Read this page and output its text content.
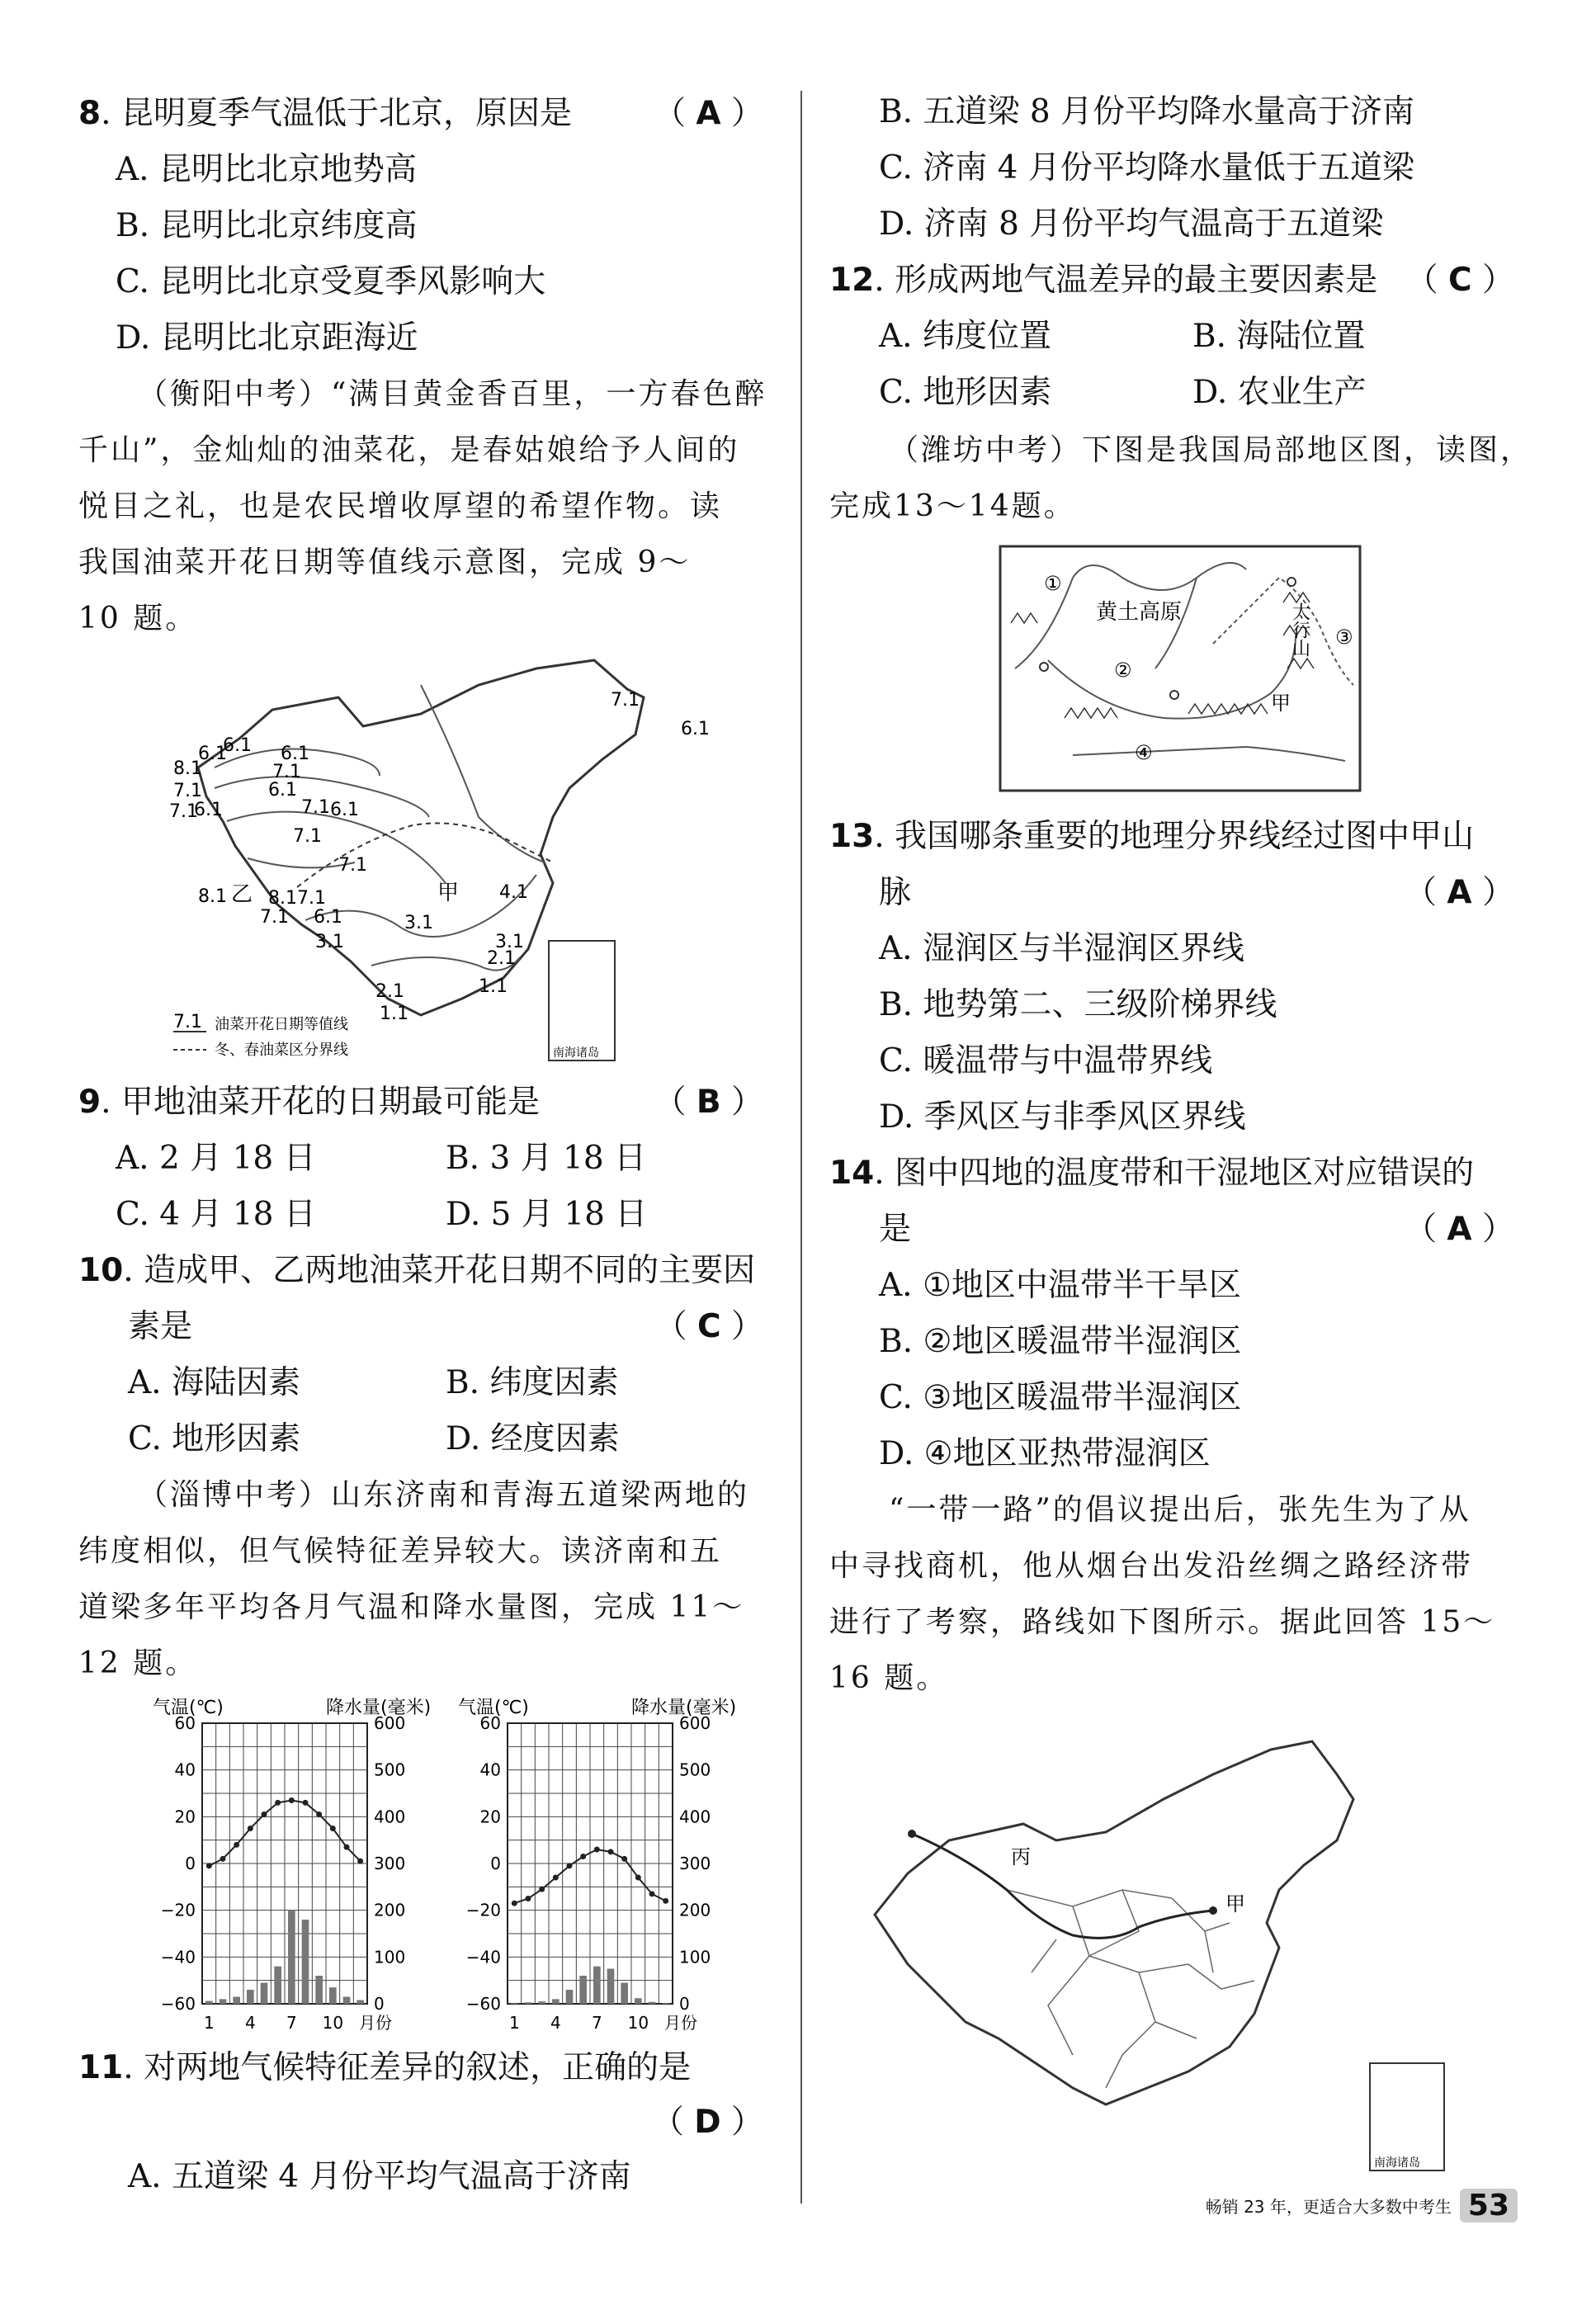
8. 昆明夏季气温低于北京，原因是	（ A ）
A. 昆明比北京地势高
B. 昆明比北京纬度高
C. 昆明比北京受夏季风影响大
D. 昆明比北京距海近
（衡阳中考）“满目黄金香百里，一方春色醉
千山”，金灿灿的油菜花，是春姑娘给予人间的
悦目之礼，也是农民增收厚望的希望作物。读
我国油菜开花日期等值线示意图，完成 9～
10 题。
6.1
6.1
8.1
6.1
7.1
6.1
7.1
6.1
7.1	6.1
7.1
7.1
8.1 8.1
7.1
7.1
6.1
3.1
3.1
4.1
3.1
2.1
2.1	1.1
1.1
7.1
6.1
7.1
甲
乙
南海诸岛
7.1 油菜开花日期等值线
冬、春油菜区分界线
9. 甲地油菜开花的日期最可能是	（ B ）
A. 2 月 18 日	B. 3 月 18 日
C. 4 月 18 日	D. 5 月 18 日
10. 造成甲、乙两地油菜开花日期不同的主要因
素是	（ C ）
A. 海陆因素	B. 纬度因素
C. 地形因素	D. 经度因素
（淄博中考）山东济南和青海五道梁两地的
纬度相似，但气候特征差异较大。读济南和五
道梁多年平均各月气温和降水量图，完成 11～
12 题。
气温(℃)	降水量(毫米)
60
40
20
0
−20
−40
−60
600
500
400
300
200
100
0
1 4 7 10 月份
气温(℃)	降水量(毫米)
60
40
20
0
−20
−40
−60
600
500
400
300
200
100
0
1 4 7 10 月份
11. 对两地气候特征差异的叙述，正确的是
（ D ）
A. 五道梁 4 月份平均气温高于济南
B. 五道梁 8 月份平均降水量高于济南
C. 济南 4 月份平均降水量低于五道梁
D. 济南 8 月份平均气温高于五道梁
12. 形成两地气温差异的最主要因素是 （ C ）
A. 纬度位置	B. 海陆位置
C. 地形因素	D. 农业生产
（潍坊中考）下图是我国局部地区图，读图，
完成13～14题。
黄土高原	太行山
甲
①
②
③
④
13. 我国哪条重要的地理分界线经过图中甲山
脉	（ A ）
A. 湿润区与半湿润区界线
B. 地势第二、三级阶梯界线
C. 暖温带与中温带界线
D. 季风区与非季风区界线
14. 图中四地的温度带和干湿地区对应错误的
是	（ A ）
A. ①地区中温带半干旱区
B. ②地区暖温带半湿润区
C. ③地区暖温带半湿润区
D. ④地区亚热带湿润区
“一带一路”的倡议提出后，张先生为了从
中寻找商机，他从烟台出发沿丝绸之路经济带
进行了考察，路线如下图所示。据此回答 15～
16 题。
丙
甲
南海诸岛
畅销 23 年，更适合大多数中考生 53
